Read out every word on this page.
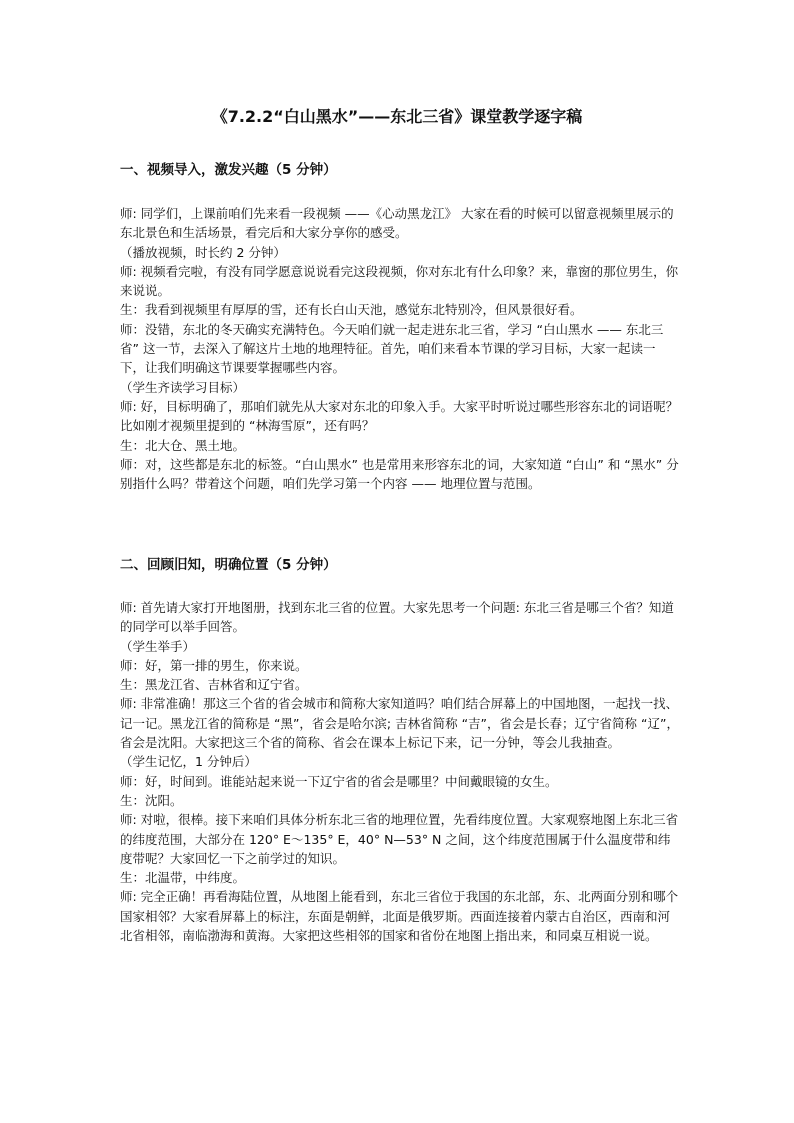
《7.2.2“白山黑水”——东北三省》课堂教学逐字稿
一、视频导入，激发兴趣（5 分钟）

师: 同学们，上课前咱们先来看一段视频 ——《心动黑龙江》 大家在看的时候可以留意视频里展示的东北景色和生活场景，看完后和大家分享你的感受。

（播放视频，时长约 2 分钟）

师: 视频看完啦，有没有同学愿意说说看完这段视频，你对东北有什么印象？来，靠窗的那位男生，你来说说。

生：我看到视频里有厚厚的雪，还有长白山天池，感觉东北特别冷，但风景很好看。

师：没错，东北的冬天确实充满特色。今天咱们就一起走进东北三省，学习 “白山黑水 —— 东北三省” 这一节，去深入了解这片土地的地理特征。首先，咱们来看本节课的学习目标，大家一起读一下，让我们明确这节课要掌握哪些内容。

（学生齐读学习目标）

师: 好，目标明确了，那咱们就先从大家对东北的印象入手。大家平时听说过哪些形容东北的词语呢？比如刚才视频里提到的 “林海雪原”，还有吗？

生：北大仓、黑土地。

师：对，这些都是东北的标签。“白山黑水” 也是常用来形容东北的词，大家知道 “白山” 和 “黑水” 分别指什么吗？带着这个问题，咱们先学习第一个内容 —— 地理位置与范围。

二、回顾旧知，明确位置（5 分钟）

师: 首先请大家打开地图册，找到东北三省的位置。大家先思考一个问题: 东北三省是哪三个省？知道的同学可以举手回答。

（学生举手）

师：好，第一排的男生，你来说。

生：黑龙江省、吉林省和辽宁省。

师: 非常准确！那这三个省的省会城市和简称大家知道吗？咱们结合屏幕上的中国地图，一起找一找、记一记。黑龙江省的简称是 “黑”，省会是哈尔滨; 吉林省简称 “吉”，省会是长春；辽宁省简称 “辽”，省会是沈阳。大家把这三个省的简称、省会在课本上标记下来，记一分钟，等会儿我抽查。

（学生记忆，1 分钟后）

师：好，时间到。谁能站起来说一下辽宁省的省会是哪里？中间戴眼镜的女生。

生：沈阳。

师: 对啦，很棒。接下来咱们具体分析东北三省的地理位置，先看纬度位置。大家观察地图上东北三省的纬度范围，大部分在 120° E～135° E，40° N—53° N 之间，这个纬度范围属于什么温度带和纬度带呢？大家回忆一下之前学过的知识。

生：北温带，中纬度。

师: 完全正确！再看海陆位置，从地图上能看到，东北三省位于我国的东北部，东、北两面分别和哪个国家相邻？大家看屏幕上的标注，东面是朝鲜，北面是俄罗斯。西面连接着内蒙古自治区，西南和河北省相邻，南临渤海和黄海。大家把这些相邻的国家和省份在地图上指出来，和同桌互相说一说。
